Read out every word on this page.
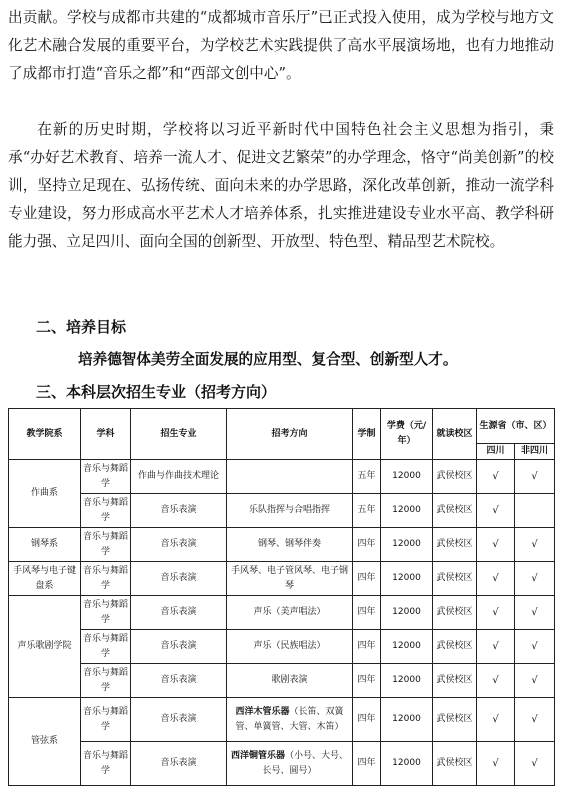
出贡献。学校与成都市共建的“成都城市音乐厅”已正式投入使用，成为学校与地方文化艺术融合发展的重要平台，为学校艺术实践提供了高水平展演场地，也有力地推动了成都市打造“音乐之都”和“西部文创中心”。

在新的历史时期，学校将以习近平新时代中国特色社会主义思想为指引，秉承“办好艺术教育、培养一流人才、促进文艺繁荣”的办学理念，恪守“尚美创新”的校训，坚持立足现在、弘扬传统、面向未来的办学思路，深化改革创新，推动一流学科专业建设，努力形成高水平艺术人才培养体系，扎实推进建设专业水平高、教学科研能力强、立足四川、面向全国的创新型、开放型、特色型、精品型艺术院校。

二、培养目标

培养德智体美劳全面发展的应用型、复合型、创新型人才。

三、本科层次招生专业（招考方向）

教学院系	学科	招生专业	招考方向	学制	学费（元/年）	就读校区	生源省（市、区）	
							四川	非四川
作曲系	音乐与舞蹈学	作曲与作曲技术理论		五年	12000	武侯校区	√	√
	音乐与舞蹈学	音乐表演	乐队指挥与合唱指挥	五年	12000	武侯校区	√	
钢琴系	音乐与舞蹈学	音乐表演	钢琴、钢琴伴奏	四年	12000	武侯校区	√	√
手风琴与电子键盘系	音乐与舞蹈学	音乐表演	手风琴、电子管风琴、电子钢琴	四年	12000	武侯校区	√	√
声乐歌剧学院	音乐与舞蹈学	音乐表演	声乐（美声唱法）	四年	12000	武侯校区	√	√
	音乐与舞蹈学	音乐表演	声乐（民族唱法）	四年	12000	武侯校区	√	√
	音乐与舞蹈学	音乐表演	歌剧表演	四年	12000	武侯校区	√	√
管弦系	音乐与舞蹈学	音乐表演	西洋木管乐器（长笛、双簧管、单簧管、大管、木笛）	四年	12000	武侯校区	√	√
	音乐与舞蹈学	音乐表演	西洋铜管乐器（小号、大号、长号、圆号）	四年	12000	武侯校区	√	√
